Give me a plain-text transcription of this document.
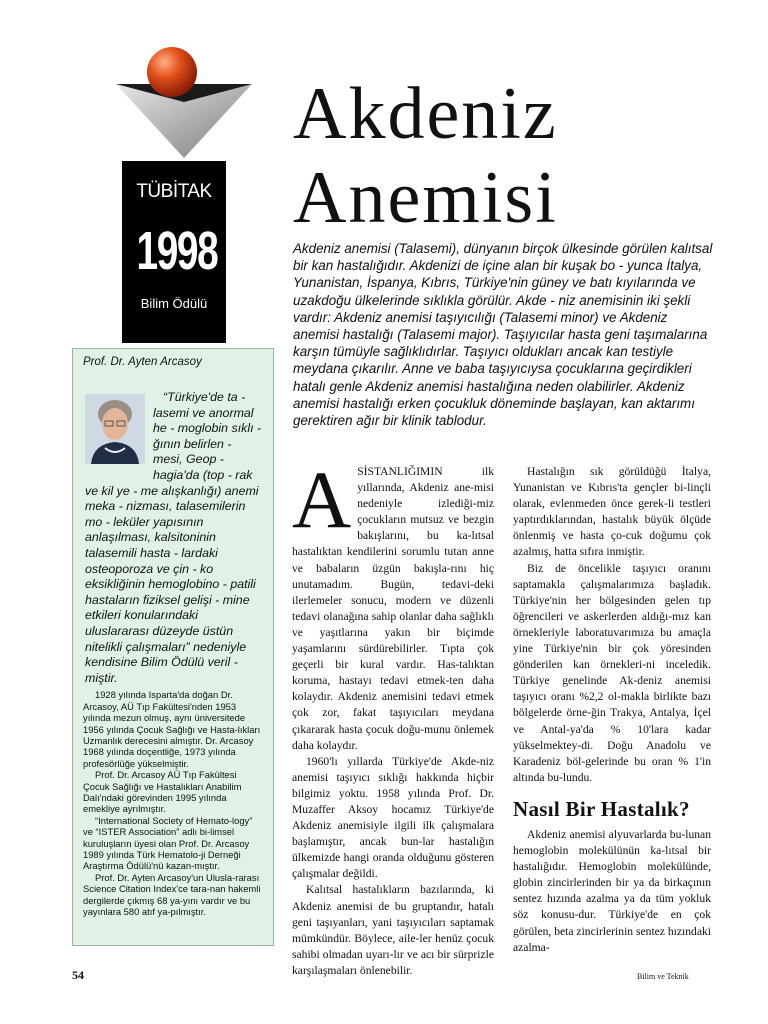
TÜBİTAK
1998
Bilim Ödülü
Akdeniz
Anemisi

Akdeniz anemisi (Talasemi), dünyanın birçok ülkesinde görülen kalıtsal bir kan hastalığıdır. Akdenizi de içine alan bir kuşak bo - yunca İtalya, Yunanistan, İspanya, Kıbrıs, Türkiye'nin güney ve batı kıyılarında ve uzakdoğu ülkelerinde sıklıkla görülür. Akde - niz anemisinin iki şekli vardır: Akdeniz anemisi taşıyıcılığı (Talasemi minor) ve Akdeniz anemisi hastalığı (Talasemi major). Taşıyıcılar hasta geni taşımalarına karşın tümüyle sağlıklıdırlar. Taşıyıcı oldukları ancak kan testiyle meydana çıkarılır. Anne ve baba taşıyıcıysa çocuklarına geçirdikleri hatalı genle Akdeniz anemisi hastalığına neden olabilirler. Akdeniz anemisi hastalığı erken çocukluk döneminde başlayan, kan aktarımı gerektiren ağır bir klinik tablodur.

Prof. Dr. Ayten Arcasoy
“Türkiye'de ta - lasemi ve anormal he - moglobin sıklı - ğının belirlen - mesi, Geop - hagia'da (top - rak ve kil ye - me alışkanlığı) anemi meka - nizması, talasemilerin mo - leküler yapısının anlaşılması, kalsitoninin talasemili hasta - lardaki osteoporoza ve çin - ko eksikliğinin hemoglobino - patili hastaların fiziksel gelişi - mine etkileri konularındaki uluslararası düzeyde üstün nitelikli çalışmaları” nedeniyle kendisine Bilim Ödülü veril - miştir.

1928 yılında Isparta'da doğan Dr. Arcasoy, AÜ Tıp Fakültesi'nden 1953 yılında mezun olmuş, aynı üniversitede 1956 yılında Çocuk Sağlığı ve Hasta-lıkları Uzmanlık derecesini almıştır. Dr. Arcasoy 1968 yılında doçentliğe, 1973 yılında profesörlüğe yükselmiştir.

Prof. Dr. Arcasoy AÜ Tıp Fakültesi Çocuk Sağlığı ve Hastalıkları Anabilim Dalı'ndaki görevinden 1995 yılında emekliye ayrılmıştır.

“International Society of Hemato-logy” ve “ISTER Association” adlı bi-limsel kuruluşların üyesi olan Prof. Dr. Arcasoy 1989 yılında Türk Hematolo-ji Derneği Araştırma Ödülü'nü kazan-mıştır.

Prof. Dr. Ayten Arcasoy'un Ulusla-rarası Science Citation Index'ce tara-nan hakemli dergilerde çıkmış 68 ya-yını vardır ve bu yayınlara 580 atıf ya-pılmıştır.

A SİSTANLIĞIMIN ilk yıllarında, Akdeniz ane-misi nedeniyle izlediği-miz çocukların mutsuz ve bezgin bakışlarını, bu ka-lıtsal hastalıktan kendilerini sorumlu tutan anne ve babaların üzgün bakışla-rını hiç unutamadım. Bugün, tedavi-deki ilerlemeler sonucu, modern ve düzenli tedavi olanağına sahip olanlar daha sağlıklı ve yaşıtlarına yakın bir biçimde yaşamlarını sürdürebilirler. Tıpta çok geçerli bir kural vardır. Has-talıktan koruma, hastayı tedavi etmek-ten daha kolaydır. Akdeniz anemisini tedavi etmek çok zor, fakat taşıyıcıları meydana çıkararak hasta çocuk doğu-munu önlemek daha kolaydır.

1960'lı yıllarda Türkiye'de Akde-niz anemisi taşıyıcı sıklığı hakkında hiçbir bilgimiz yoktu. 1958 yılında Prof. Dr. Muzaffer Aksoy hocamız Türkiye'de Akdeniz anemisiyle ilgili ilk çalışmalara başlamıştır, ancak bun-lar hastalığın ülkemizde hangi oranda olduğunu gösteren çalışmalar değildi.

Kalıtsal hastalıkların bazılarında, ki Akdeniz anemisi de bu gruptandır, hatalı geni taşıyanları, yani taşıyıcıları saptamak mümkündür. Böylece, aile-ler henüz çocuk sahibi olmadan uyarı-lır ve acı bir sürprizle karşılaşmaları önlenebilir.

Hastalığın sık görüldüğü İtalya, Yunanistan ve Kıbrıs'ta gençler bi-linçli olarak, evlenmeden önce gerek-li testleri yaptırdıklarından, hastalık büyük ölçüde önlenmiş ve hasta ço-cuk doğumu çok azalmış, hatta sıfıra inmiştir.

Biz de öncelikle taşıyıcı oranını saptamakla çalışmalarımıza başladık. Türkiye'nin her bölgesinden gelen tıp öğrencileri ve askerlerden aldığı-mız kan örnekleriyle laboratuvarımıza bu amaçla yine Türkiye'nin bir çok yöresinden gönderilen kan örnekleri-ni inceledik. Türkiye genelinde Ak-deniz anemisi taşıyıcı oranı %2,2 ol-makla birlikte bazı bölgelerde örne-ğin Trakya, Antalya, İçel ve Antal-ya'da % 10'lara kadar yükselmektey-di. Doğu Anadolu ve Karadeniz böl-gelerinde bu oran % 1'in altında bu-lundu.

Nasıl Bir Hastalık?

Akdeniz anemisi alyuvarlarda bu-lunan hemoglobin molekülünün ka-lıtsal bir hastalığıdır. Hemoglobin molekülünde, globin zincirlerinden bir ya da birkaçının sentez hızında azalma ya da tüm yokluk söz konusu-dur. Türkiye'de en çok görülen, beta zincirlerinin sentez hızındaki azalma-

54	Bilim ve Teknik
